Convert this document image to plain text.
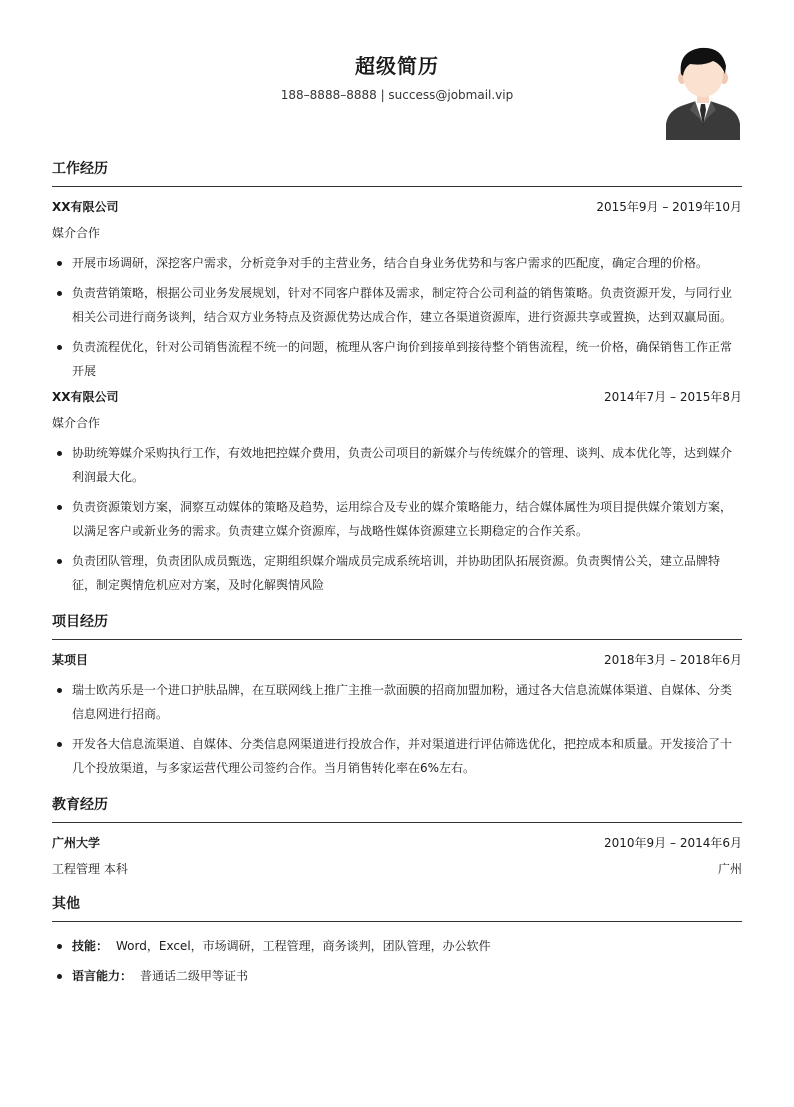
超级简历
188–8888–8888 | success@jobmail.vip
工作经历
XX有限公司	2015年9月 – 2019年10月
媒介合作
开展市场调研，深挖客户需求，分析竞争对手的主营业务，结合自身业务优势和与客户需求的匹配度，确定合理的价格。
负责营销策略，根据公司业务发展规划，针对不同客户群体及需求，制定符合公司利益的销售策略。负责资源开发，与同行业相关公司进行商务谈判，结合双方业务特点及资源优势达成合作，建立各渠道资源库，进行资源共享或置换，达到双赢局面。
负责流程优化，针对公司销售流程不统一的问题，梳理从客户询价到接单到接待整个销售流程，统一价格，确保销售工作正常开展
XX有限公司	2014年7月 – 2015年8月
媒介合作
协助统筹媒介采购执行工作，有效地把控媒介费用，负责公司项目的新媒介与传统媒介的管理、谈判、成本优化等，达到媒介利润最大化。
负责资源策划方案，洞察互动媒体的策略及趋势，运用综合及专业的媒介策略能力，结合媒体属性为项目提供媒介策划方案，以满足客户或新业务的需求。负责建立媒介资源库，与战略性媒体资源建立长期稳定的合作关系。
负责团队管理，负责团队成员甄选，定期组织媒介端成员完成系统培训，并协助团队拓展资源。负责舆情公关，建立品牌特征，制定舆情危机应对方案，及时化解舆情风险
项目经历
某项目	2018年3月 – 2018年6月
瑞士欧芮乐是一个进口护肤品牌，在互联网线上推广主推一款面膜的招商加盟加粉，通过各大信息流媒体渠道、自媒体、分类信息网进行招商。
开发各大信息流渠道、自媒体、分类信息网渠道进行投放合作，并对渠道进行评估筛选优化，把控成本和质量。开发接洽了十几个投放渠道，与多家运营代理公司签约合作。当月销售转化率在6%左右。
教育经历
广州大学	2010年9月 – 2014年6月
工程管理 本科	广州
其他
技能： Word，Excel，市场调研，工程管理，商务谈判，团队管理，办公软件
语言能力： 普通话二级甲等证书
